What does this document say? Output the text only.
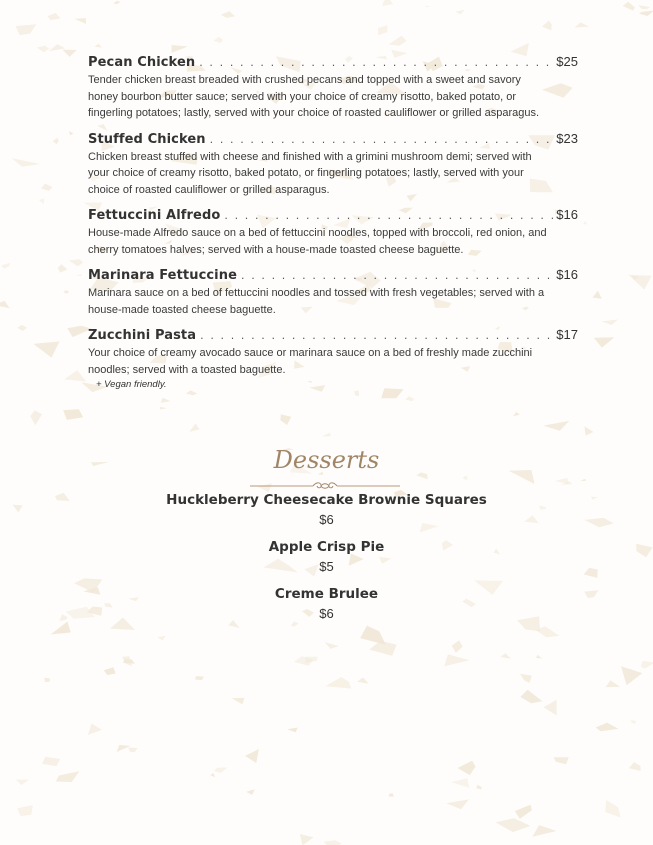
Pecan Chicken . . .	$25
Tender chicken breast breaded with crushed pecans and topped with a sweet and savory honey bourbon butter sauce; served with your choice of creamy risotto, baked potato, or fingerling potatoes; lastly, served with your choice of roasted cauliflower or grilled asparagus.
Stuffed Chicken . . .	$23
Chicken breast stuffed with cheese and finished with a grimini mushroom demi; served with your choice of creamy risotto, baked potato, or fingerling potatoes; lastly, served with your choice of roasted cauliflower or grilled asparagus.
Fettuccini Alfredo . . .	$16
House-made Alfredo sauce on a bed of fettuccini noodles, topped with broccoli, red onion, and cherry tomatoes halves; served with a house-made toasted cheese baguette.
Marinara Fettuccine . . .	$16
Marinara sauce on a bed of fettuccini noodles and tossed with fresh vegetables; served with a house-made toasted cheese baguette.
Zucchini Pasta . . .	$17
Your choice of creamy avocado sauce or marinara sauce on a bed of freshly made zucchini noodles; served with a toasted baguette.
+ Vegan friendly.
Desserts
Huckleberry Cheesecake Brownie Squares
$6
Apple Crisp Pie
$5
Creme Brulee
$6
